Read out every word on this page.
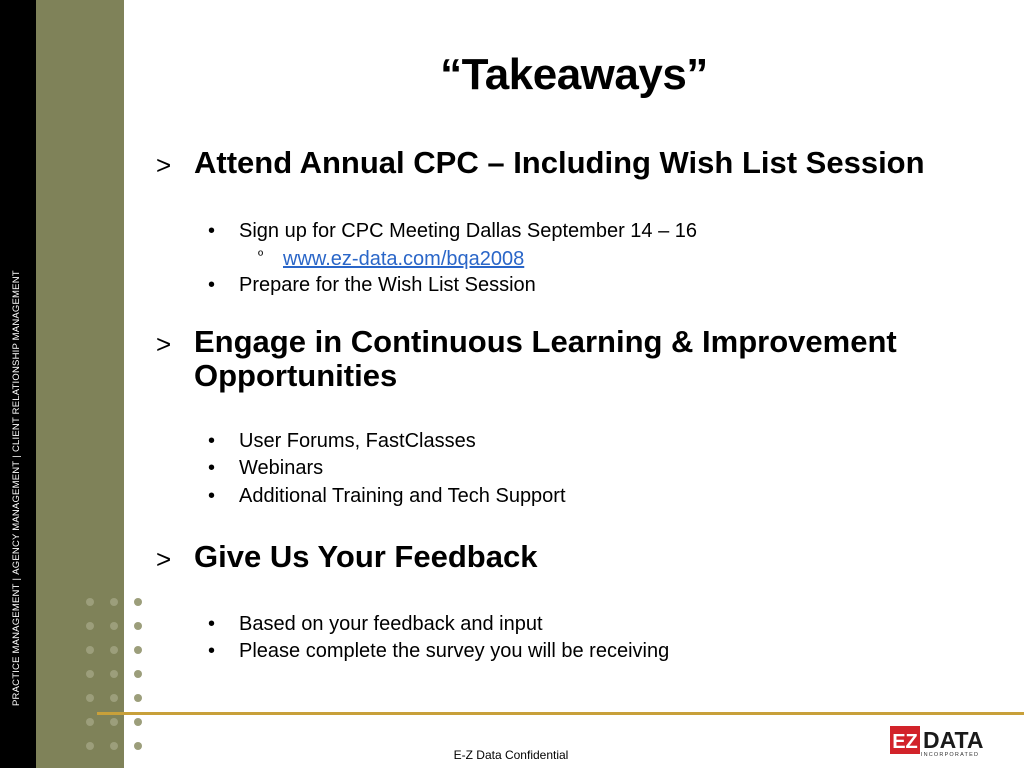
PRACTICE MANAGEMENT|AGENCY MANAGEMENT|CLIENT RELATIONSHIP MANAGEMENT
“Takeaways”
> Attend Annual CPC – Including Wish List Session
• Sign up for CPC Meeting Dallas September 14 – 16
º www.ez-data.com/bqa2008
• Prepare for the Wish List Session
> Engage in Continuous Learning & Improvement Opportunities
• User Forums, FastClasses
• Webinars
• Additional Training and Tech Support
> Give Us Your Feedback
• Based on your feedback and input
• Please complete the survey you will be receiving
E-Z Data Confidential
EZ DATA
INCORPORATED
